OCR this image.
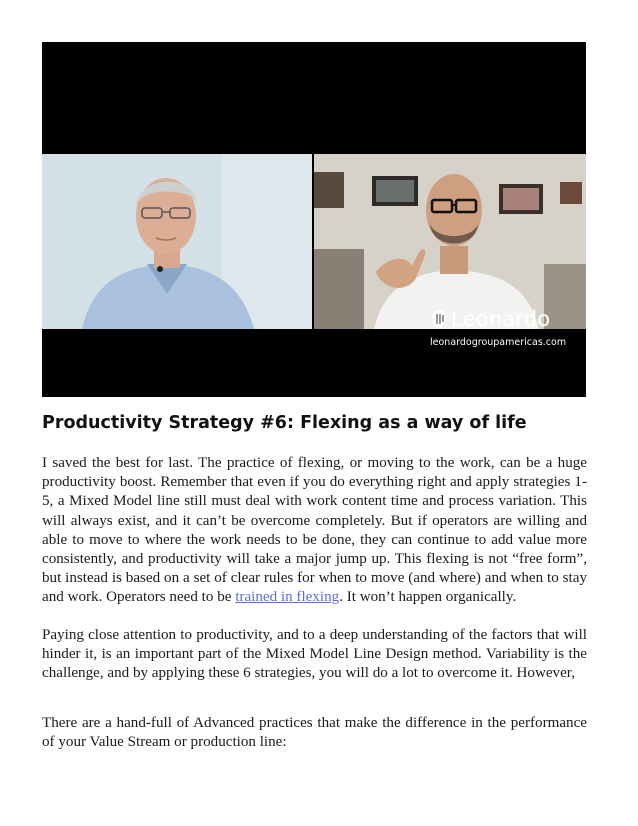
Leonardo
leonardogroupamericas.com
Productivity Strategy #6: Flexing as a way of life

I saved the best for last. The practice of flexing, or moving to the work, can be a huge productivity boost. Remember that even if you do everything right and apply strategies 1-5, a Mixed Model line still must deal with work content time and process variation. This will always exist, and it can’t be overcome completely. But if operators are willing and able to move to where the work needs to be done, they can continue to add value more consistently, and productivity will take a major jump up. This flexing is not “free form”, but instead is based on a set of clear rules for when to move (and where) and when to stay and work. Operators need to be trained in flexing. It won’t happen organically.

Paying close attention to productivity, and to a deep understanding of the factors that will hinder it, is an important part of the Mixed Model Line Design method. Variability is the challenge, and by applying these 6 strategies, you will do a lot to overcome it. However,

There are a hand-full of Advanced practices that make the difference in the performance of your Value Stream or production line:
